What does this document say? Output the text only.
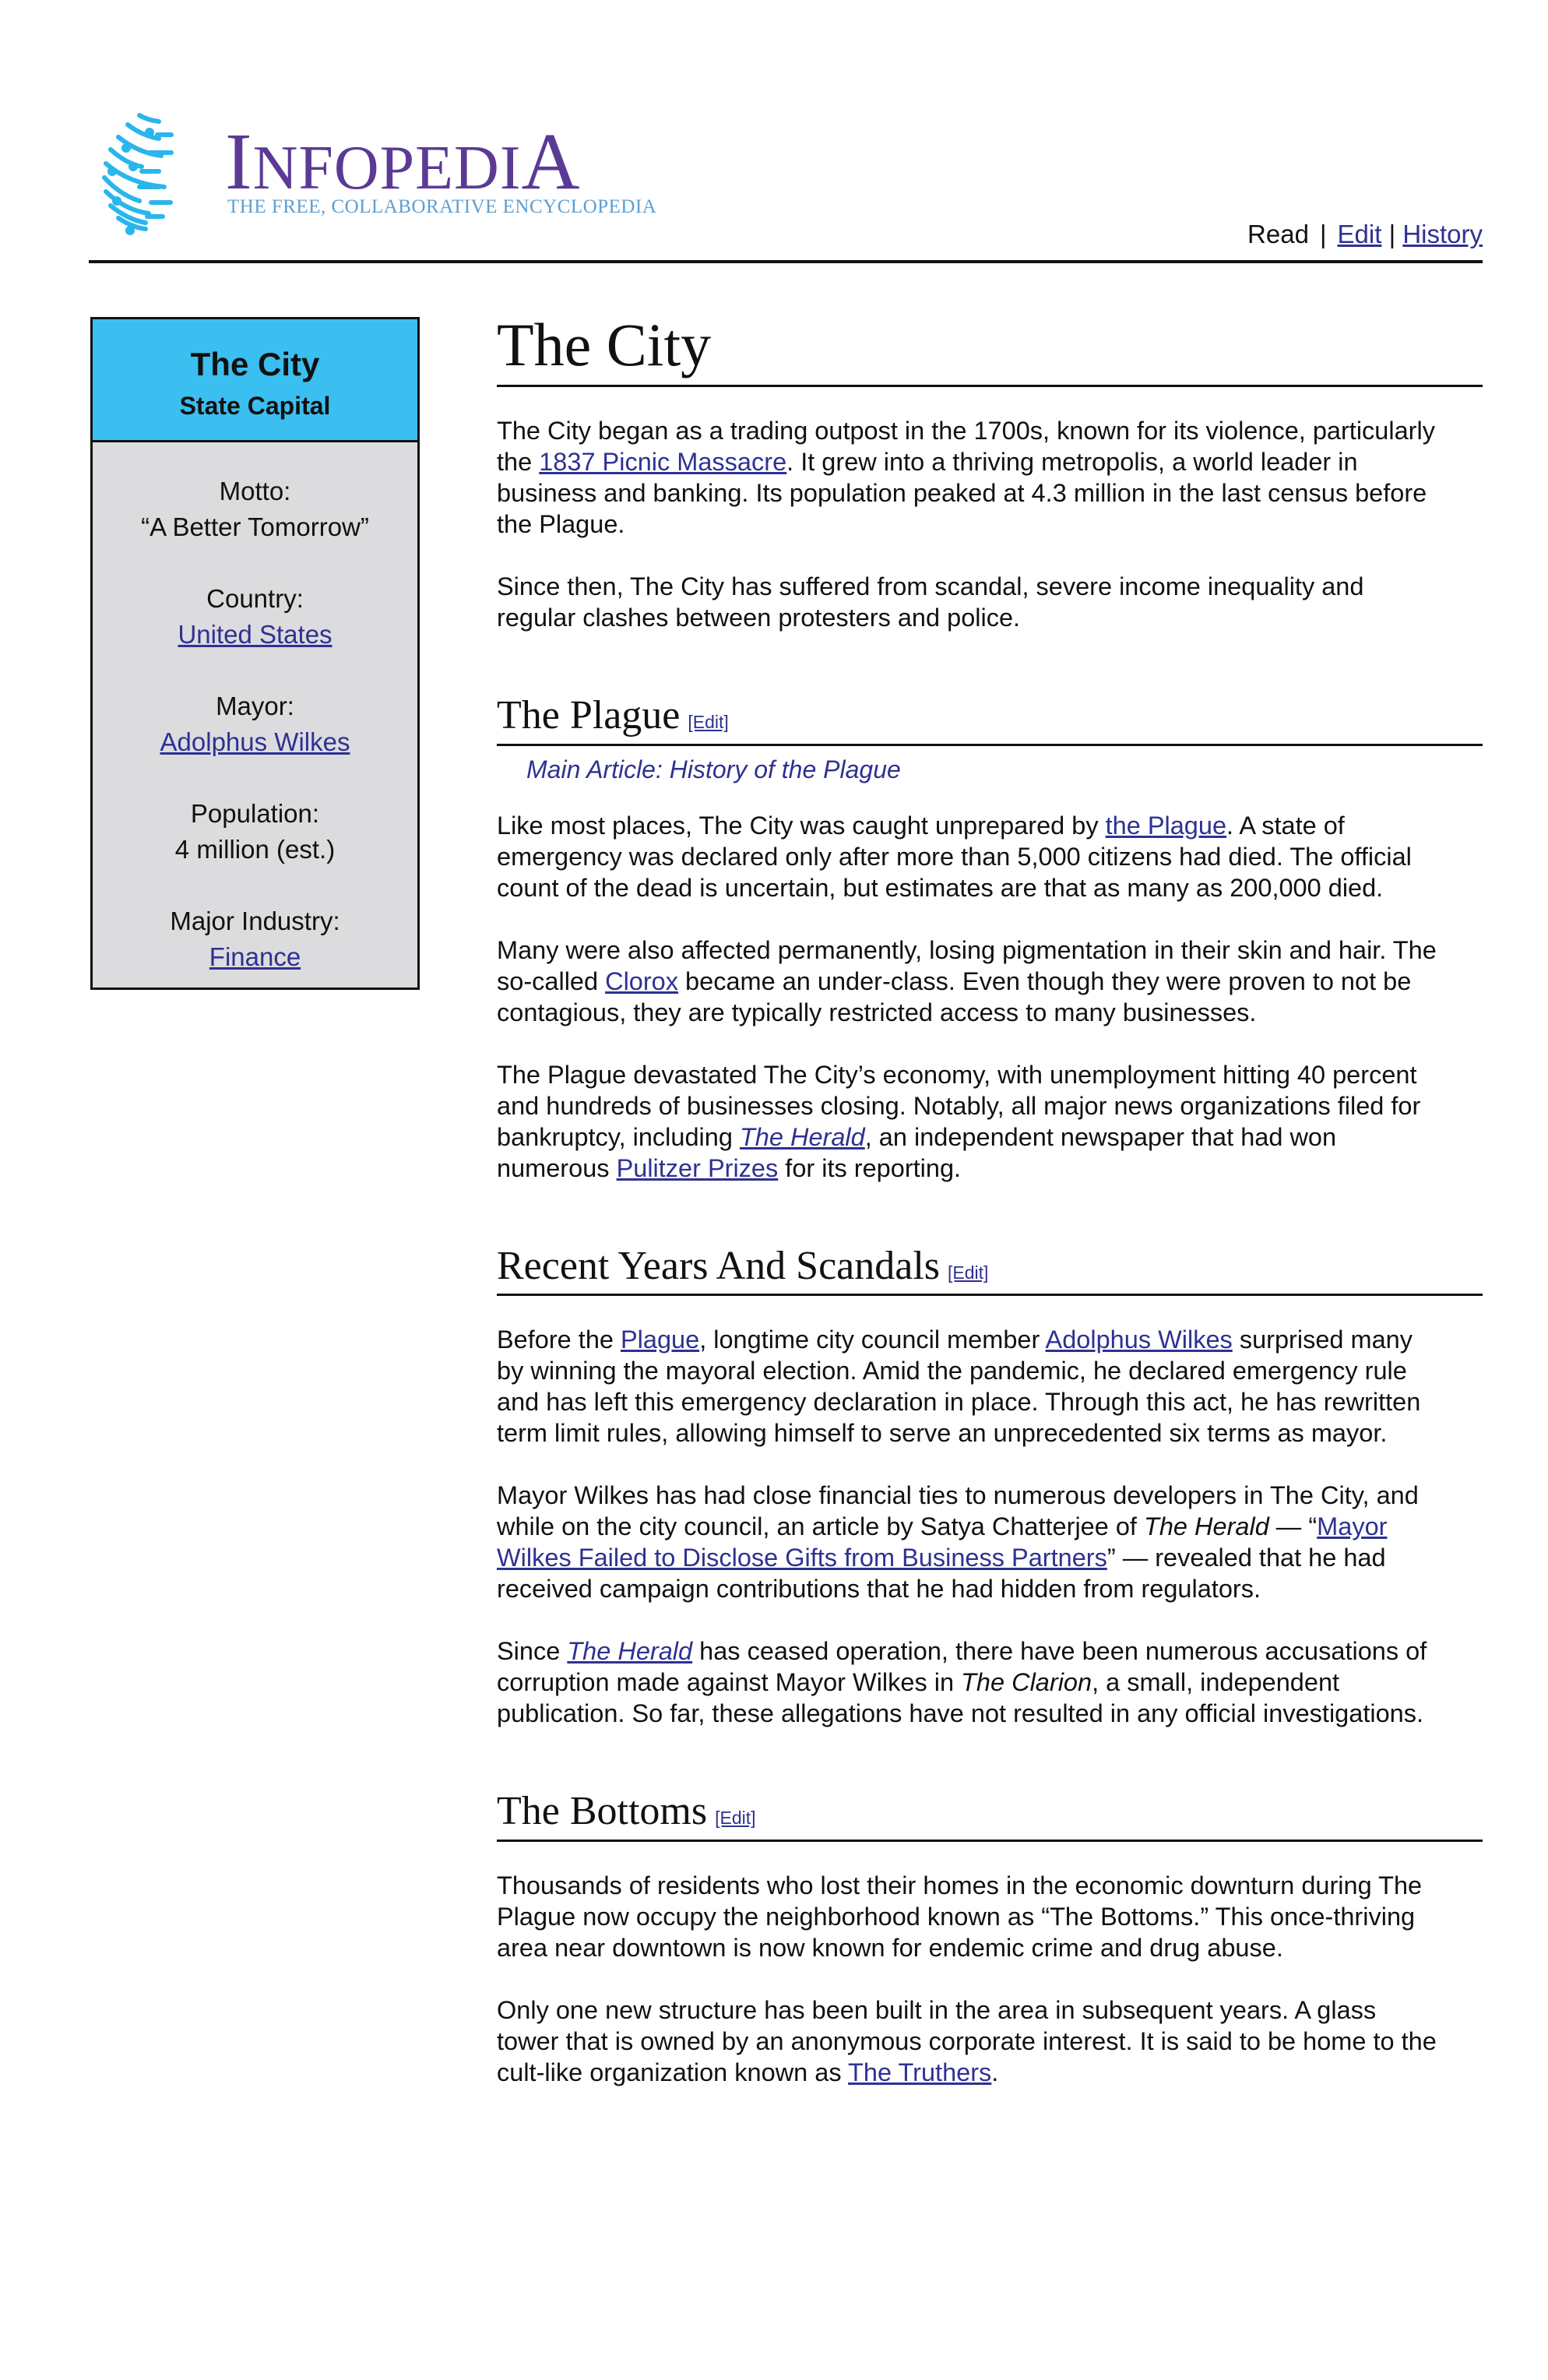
INFOPEDIA
THE FREE, COLLABORATIVE ENCYCLOPEDIA
Read | Edit | History
The City
State Capital
Motto:
“A Better Tomorrow”
Country:
United States
Mayor:
Adolphus Wilkes
Population:
4 million (est.)
Major Industry:
Finance
The City

The City began as a trading outpost in the 1700s, known for its violence, particularly the 1837 Picnic Massacre. It grew into a thriving metropolis, a world leader in business and banking. Its population peaked at 4.3 million in the last census before the Plague.

Since then, The City has suffered from scandal, severe income inequality and regular clashes between protesters and police.

The Plague [Edit]
Main Article: History of the Plague

Like most places, The City was caught unprepared by the Plague. A state of emergency was declared only after more than 5,000 citizens had died. The official count of the dead is uncertain, but estimates are that as many as 200,000 died.

Many were also affected permanently, losing pigmentation in their skin and hair. The so-called Clorox became an under-class. Even though they were proven to not be contagious, they are typically restricted access to many businesses.

The Plague devastated The City’s economy, with unemployment hitting 40 percent and hundreds of businesses closing. Notably, all major news organizations filed for bankruptcy, including The Herald, an independent newspaper that had won numerous Pulitzer Prizes for its reporting.

Recent Years And Scandals [Edit]

Before the Plague, longtime city council member Adolphus Wilkes surprised many by winning the mayoral election. Amid the pandemic, he declared emergency rule and has left this emergency declaration in place. Through this act, he has rewritten term limit rules, allowing himself to serve an unprecedented six terms as mayor.

Mayor Wilkes has had close financial ties to numerous developers in The City, and while on the city council, an article by Satya Chatterjee of The Herald — “Mayor Wilkes Failed to Disclose Gifts from Business Partners” — revealed that he had received campaign contributions that he had hidden from regulators.

Since The Herald has ceased operation, there have been numerous accusations of corruption made against Mayor Wilkes in The Clarion, a small, independent publication. So far, these allegations have not resulted in any official investigations.

The Bottoms [Edit]

Thousands of residents who lost their homes in the economic downturn during The Plague now occupy the neighborhood known as “The Bottoms.” This once-thriving area near downtown is now known for endemic crime and drug abuse.

Only one new structure has been built in the area in subsequent years. A glass tower that is owned by an anonymous corporate interest. It is said to be home to the cult-like organization known as The Truthers.
